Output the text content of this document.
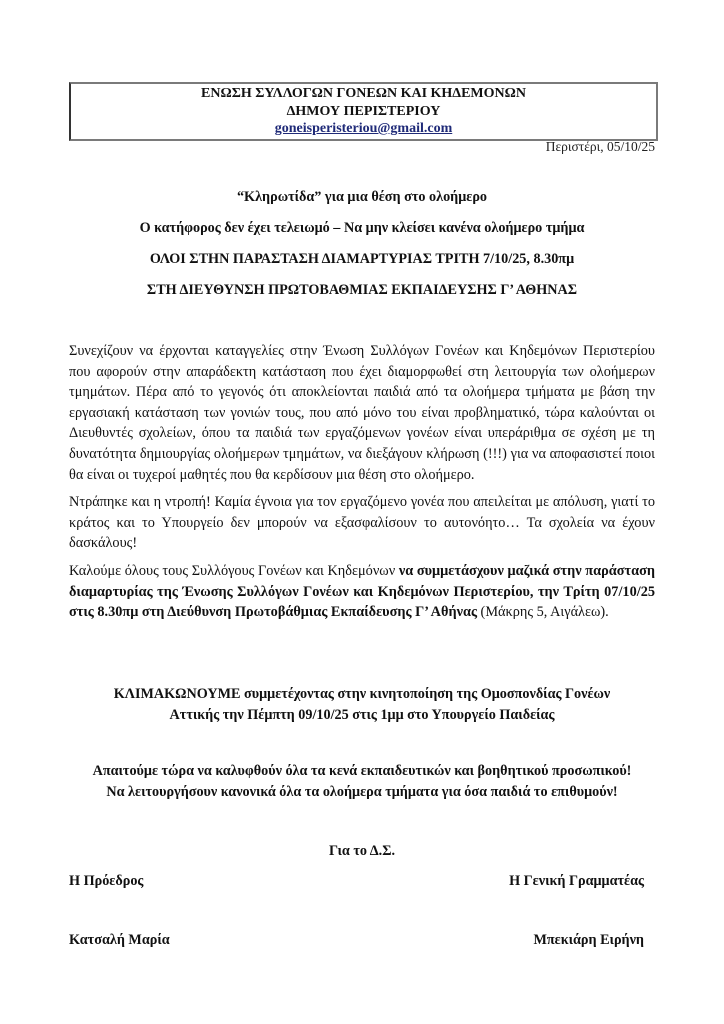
ΕΝΩΣΗ ΣΥΛΛΟΓΩΝ ΓΟΝΕΩΝ ΚΑΙ ΚΗΔΕΜΟΝΩΝ
ΔΗΜΟΥ ΠΕΡΙΣΤΕΡΙΟΥ
goneisperisteriou@gmail.com
Περιστέρι, 05/10/25
“Κληρωτίδα” για μια θέση στο ολοήμερο
Ο κατήφορος δεν έχει τελειωμό – Να μην κλείσει κανένα ολοήμερο τμήμα
ΟΛΟΙ ΣΤΗΝ ΠΑΡΑΣΤΑΣΗ ΔΙΑΜΑΡΤΥΡΙΑΣ ΤΡΙΤΗ 7/10/25, 8.30πμ
ΣΤΗ ΔΙΕΥΘΥΝΣΗ ΠΡΩΤΟΒΑΘΜΙΑΣ ΕΚΠΑΙΔΕΥΣΗΣ Γ’ ΑΘΗΝΑΣ

Συνεχίζουν να έρχονται καταγγελίες στην Ένωση Συλλόγων Γονέων και Κηδεμόνων Περιστερίου που αφορούν στην απαράδεκτη κατάσταση που έχει διαμορφωθεί στη λειτουργία των ολοήμερων τμημάτων. Πέρα από το γεγονός ότι αποκλείονται παιδιά από τα ολοήμερα τμήματα με βάση την εργασιακή κατάσταση των γονιών τους, που από μόνο του είναι προβληματικό, τώρα καλούνται οι Διευθυντές σχολείων, όπου τα παιδιά των εργαζόμενων γονέων είναι υπεράριθμα σε σχέση με τη δυνατότητα δημιουργίας ολοήμερων τμημάτων, να διεξάγουν κλήρωση (!!!) για να αποφασιστεί ποιοι θα είναι οι τυχεροί μαθητές που θα κερδίσουν μια θέση στο ολοήμερο.

Ντράπηκε και η ντροπή! Καμία έγνοια για τον εργαζόμενο γονέα που απειλείται με απόλυση, γιατί το κράτος και το Υπουργείο δεν μπορούν να εξασφαλίσουν το αυτονόητο… Τα σχολεία να έχουν δασκάλους!

Καλούμε όλους τους Συλλόγους Γονέων και Κηδεμόνων να συμμετάσχουν μαζικά στην παράσταση διαμαρτυρίας της Ένωσης Συλλόγων Γονέων και Κηδεμόνων Περιστερίου, την Τρίτη 07/10/25 στις 8.30πμ στη Διεύθυνση Πρωτοβάθμιας Εκπαίδευσης Γ’ Αθήνας (Μάκρης 5, Αιγάλεω).

ΚΛΙΜΑΚΩΝΟΥΜΕ συμμετέχοντας στην κινητοποίηση της Ομοσπονδίας Γονέων
Αττικής την Πέμπτη 09/10/25 στις 1μμ στο Υπουργείο Παιδείας
Απαιτούμε τώρα να καλυφθούν όλα τα κενά εκπαιδευτικών και βοηθητικού προσωπικού!
Να λειτουργήσουν κανονικά όλα τα ολοήμερα τμήματα για όσα παιδιά το επιθυμούν!
Για το Δ.Σ.
Η Πρόεδρος	Η Γενική Γραμματέας
Κατσαλή Μαρία	Μπεκιάρη Ειρήνη
